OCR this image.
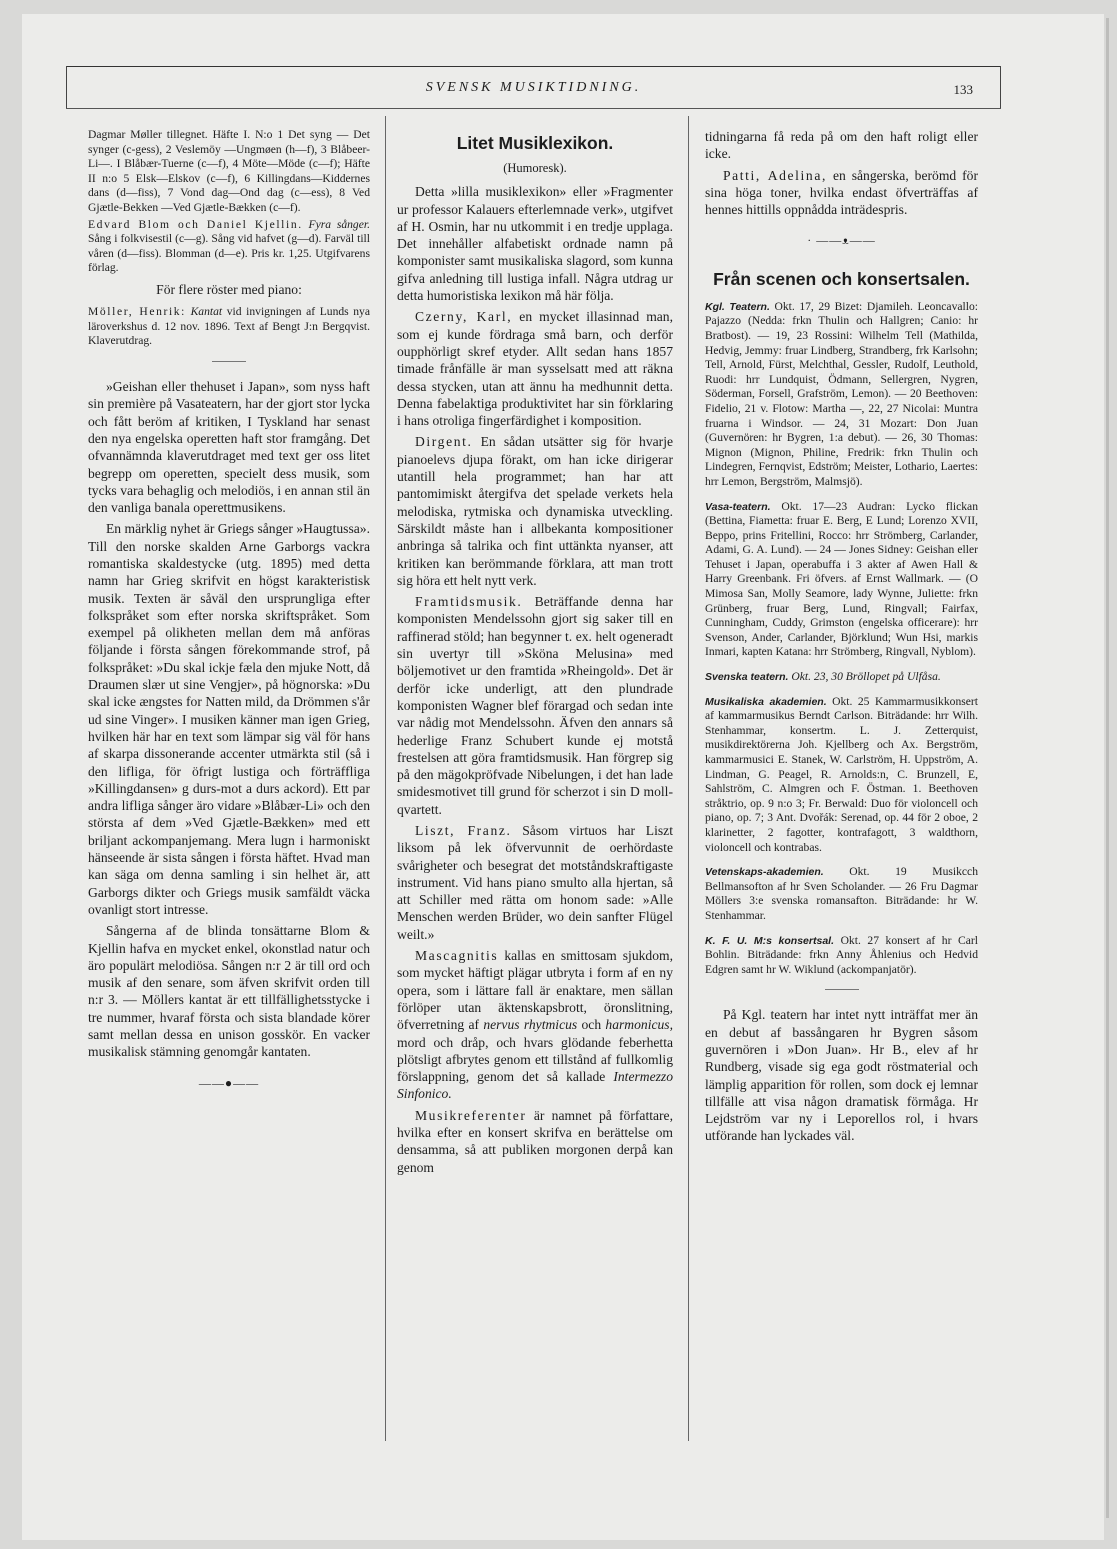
SVENSK MUSIKTIDNING.	133

Dagmar Møller tillegnet. Häfte I. N:o 1 Det syng — Det synger (c-gess), 2 Veslemöy —Ungmøen (h—f), 3 Blåbeer-Li—. I Blåbær-Tuerne (c—f), 4 Möte—Möde (c—f); Häfte II n:o 5 Elsk—Elskov (c—f), 6 Killingdans—Kiddernes dans (d—fiss), 7 Vond dag—Ond dag (c—ess), 8 Ved Gjætle-Bekken —Ved Gjætle-Bækken (c—f).

Edvard Blom och Daniel Kjellin. Fyra sånger. Sång i folkvisestil (c—g). Sång vid hafvet (g—d). Farväl till våren (d—fiss). Blomman (d—e). Pris kr. 1,25. Utgifvarens förlag.

För flere röster med piano:

Möller, Henrik: Kantat vid invigningen af Lunds nya läroverkshus d. 12 nov. 1896. Text af Bengt J:n Bergqvist. Klaverutdrag.

»Geishan eller thehuset i Japan», som nyss haft sin première på Vasateatern, har der gjort stor lycka och fått beröm af kritiken, I Tyskland har senast den nya engelska operetten haft stor framgång. Det ofvannämnda klaverutdraget med text ger oss litet begrepp om operetten, specielt dess musik, som tycks vara behaglig och melodiös, i en annan stil än den vanliga banala operettmusikens.

En märklig nyhet är Griegs sånger »Haugtussa». Till den norske skalden Arne Garborgs vackra romantiska skaldestycke (utg. 1895) med detta namn har Grieg skrifvit en högst karakteristisk musik. Texten är såväl den ursprungliga efter folkspråket som efter norska skriftspråket. Som exempel på olikheten mellan dem må anföras följande i första sången förekommande strof, på folkspråket: »Du skal ickje fæla den mjuke Nott, då Draumen slær ut sine Vengjer», på högnorska: »Du skal icke ængstes for Natten mild, da Drömmen s'år ud sine Vinger». I musiken känner man igen Grieg, hvilken här har en text som lämpar sig väl för hans af skarpa dissonerande accenter utmärkta stil (så i den lifliga, för öfrigt lustiga och förträffliga »Killingdansen» g durs-mot a durs ackord). Ett par andra lifliga sånger äro vidare »Blåbær-Li» och den största af dem »Ved Gjætle-Bækken» med ett briljant ackompanjemang. Mera lugn i harmoniskt hänseende är sista sången i första häftet. Hvad man kan säga om denna samling i sin helhet är, att Garborgs dikter och Griegs musik samfäldt väcka ovanligt stort intresse.

Sångerna af de blinda tonsättarne Blom & Kjellin hafva en mycket enkel, okonstlad natur och äro populärt melodiösa. Sången n:r 2 är till ord och musik af den senare, som äfven skrifvit orden till n:r 3. — Möllers kantat är ett tillfällighetsstycke i tre nummer, hvaraf första och sista blandade körer samt mellan dessa en unison gosskör. En vacker musikalisk stämning genomgår kantaten.

——●——
Litet Musiklexikon.

(Humoresk).

Detta »lilla musiklexikon» eller »Fragmenter ur professor Kalauers efterlemnade verk», utgifvet af H. Osmin, har nu utkommit i en tredje upplaga. Det innehåller alfabetiskt ordnade namn på komponister samt musikaliska slagord, som kunna gifva anledning till lustiga infall. Några utdrag ur detta humoristiska lexikon må här följa.

Czerny, Karl, en mycket illasinnad man, som ej kunde fördraga små barn, och derför oupphörligt skref etyder. Allt sedan hans 1857 timade frånfälle är man sysselsatt med att räkna dessa stycken, utan att ännu ha medhunnit detta. Denna fabelaktiga produktivitet har sin förklaring i hans otroliga fingerfärdighet i komposition.

Dirgent. En sådan utsätter sig för hvarje pianoelevs djupa förakt, om han icke dirigerar utantill hela programmet; han har att pantomimiskt återgifva det spelade verkets hela melodiska, rytmiska och dynamiska utveckling. Särskildt måste han i allbekanta kompositioner anbringa så talrika och fint uttänkta nyanser, att kritiken kan berömmande förklara, att man trott sig höra ett helt nytt verk.

Framtidsmusik. Beträffande denna har komponisten Mendelssohn gjort sig saker till en raffinerad stöld; han begynner t. ex. helt ogeneradt sin uvertyr till »Sköna Melusina» med böljemotivet ur den framtida »Rheingold». Det är derför icke underligt, att den plundrade komponisten Wagner blef förargad och sedan inte var nådig mot Mendelssohn. Äfven den annars så hederlige Franz Schubert kunde ej motstå frestelsen att göra framtidsmusik. Han förgrep sig på den mägokpröfvade Nibelungen, i det han lade smidesmotivet till grund för scherzot i sin D moll-qvartett.

Liszt, Franz. Såsom virtuos har Liszt liksom på lek öfvervunnit de oerhördaste svårigheter och besegrat det motståndskraftigaste instrument. Vid hans piano smulto alla hjertan, så att Schiller med rätta om honom sade: »Alle Menschen werden Brüder, wo dein sanfter Flügel weilt.»

Mascagnitis kallas en smittosam sjukdom, som mycket häftigt plägar utbryta i form af en ny opera, som i lättare fall är enaktare, men sällan förlöper utan äktenskapsbrott, öronslitning, öfverretning af nervus rhytmicus och harmonicus, mord och dråp, och hvars glödande feberhetta plötsligt afbrytes genom ett tillstånd af fullkomlig förslappning, genom det så kallade Intermezzo Sinfonico.

Musikreferenter är namnet på författare, hvilka efter en konsert skrifva en berättelse om densamma, så att publiken morgonen derpå kan genom

tidningarna få reda på om den haft roligt eller icke.

Patti, Adelina, en sångerska, berömd för sina höga toner, hvilka endast öfverträffas af hennes hittills oppnådda inträdespris.

· ——ᴥ——
Från scenen och konsertsalen.

Kgl. Teatern. Okt. 17, 29 Bizet: Djamileh. Leoncavallo: Pajazzo (Nedda: frkn Thulin och Hallgren; Canio: hr Bratbost). — 19, 23 Rossini: Wilhelm Tell (Mathilda, Hedvig, Jemmy: fruar Lindberg, Strandberg, frk Karlsohn; Tell, Arnold, Fürst, Melchthal, Gessler, Rudolf, Leuthold, Ruodi: hrr Lundquist, Ödmann, Sellergren, Nygren, Söderman, Forsell, Grafström, Lemon). — 20 Beethoven: Fidelio, 21 v. Flotow: Martha —, 22, 27 Nicolai: Muntra fruarna i Windsor. — 24, 31 Mozart: Don Juan (Guvernören: hr Bygren, 1:a debut). — 26, 30 Thomas: Mignon (Mignon, Philine, Fredrik: frkn Thulin och Lindegren, Fernqvist, Edström; Meister, Lothario, Laertes: hrr Lemon, Bergström, Malmsjö).

Vasa-teatern. Okt. 17—23 Audran: Lycko flickan (Bettina, Fiametta: fruar E. Berg, E Lund; Lorenzo XVII, Beppo, prins Fritellini, Rocco: hrr Strömberg, Carlander, Adami, G. A. Lund). — 24 — Jones Sidney: Geishan eller Tehuset i Japan, operabuffa i 3 akter af Awen Hall & Harry Greenbank. Fri öfvers. af Ernst Wallmark. — (O Mimosa San, Molly Seamore, lady Wynne, Juliette: frkn Grünberg, fruar Berg, Lund, Ringvall; Fairfax, Cunningham, Cuddy, Grimston (engelska officerare): hrr Svenson, Ander, Carlander, Björklund; Wun Hsi, markis Inmari, kapten Katana: hrr Strömberg, Ringvall, Nyblom).

Svenska teatern. Okt. 23, 30 Bröllopet på Ulfåsa.

Musikaliska akademien. Okt. 25 Kammarmusikkonsert af kammarmusikus Berndt Carlson. Biträdande: hrr Wilh. Stenhammar, konsertm. L. J. Zetterquist, musikdirektörerna Joh. Kjellberg och Ax. Bergström, kammarmusici E. Stanek, W. Carlström, H. Uppström, A. Lindman, G. Peagel, R. Arnolds:n, C. Brunzell, E, Sahlström, C. Almgren och F. Östman. 1. Beethoven stråktrio, op. 9 n:o 3; Fr. Berwald: Duo för violoncell och piano, op. 7; 3 Ant. Dvořák: Serenad, op. 44 för 2 oboe, 2 klarinetter, 2 fagotter, kontrafagott, 3 waldthorn, violoncell och kontrabas.

Vetenskaps-akademien. Okt. 19 Musikcch Bellmansofton af hr Sven Scholander. — 26 Fru Dagmar Möllers 3:e svenska romansafton. Biträdande: hr W. Stenhammar.

K. F. U. M:s konsertsal. Okt. 27 konsert af hr Carl Bohlin. Biträdande: frkn Anny Åhlenius och Hedvid Edgren samt hr W. Wiklund (ackompanjatör).

På Kgl. teatern har intet nytt inträffat mer än en debut af bassångaren hr Bygren såsom guvernören i »Don Juan». Hr B., elev af hr Rundberg, visade sig ega godt röstmaterial och lämplig apparition för rollen, som dock ej lemnar tillfälle att visa någon dramatisk förmåga. Hr Lejdström var ny i Leporellos rol, i hvars utförande han lyckades väl.
